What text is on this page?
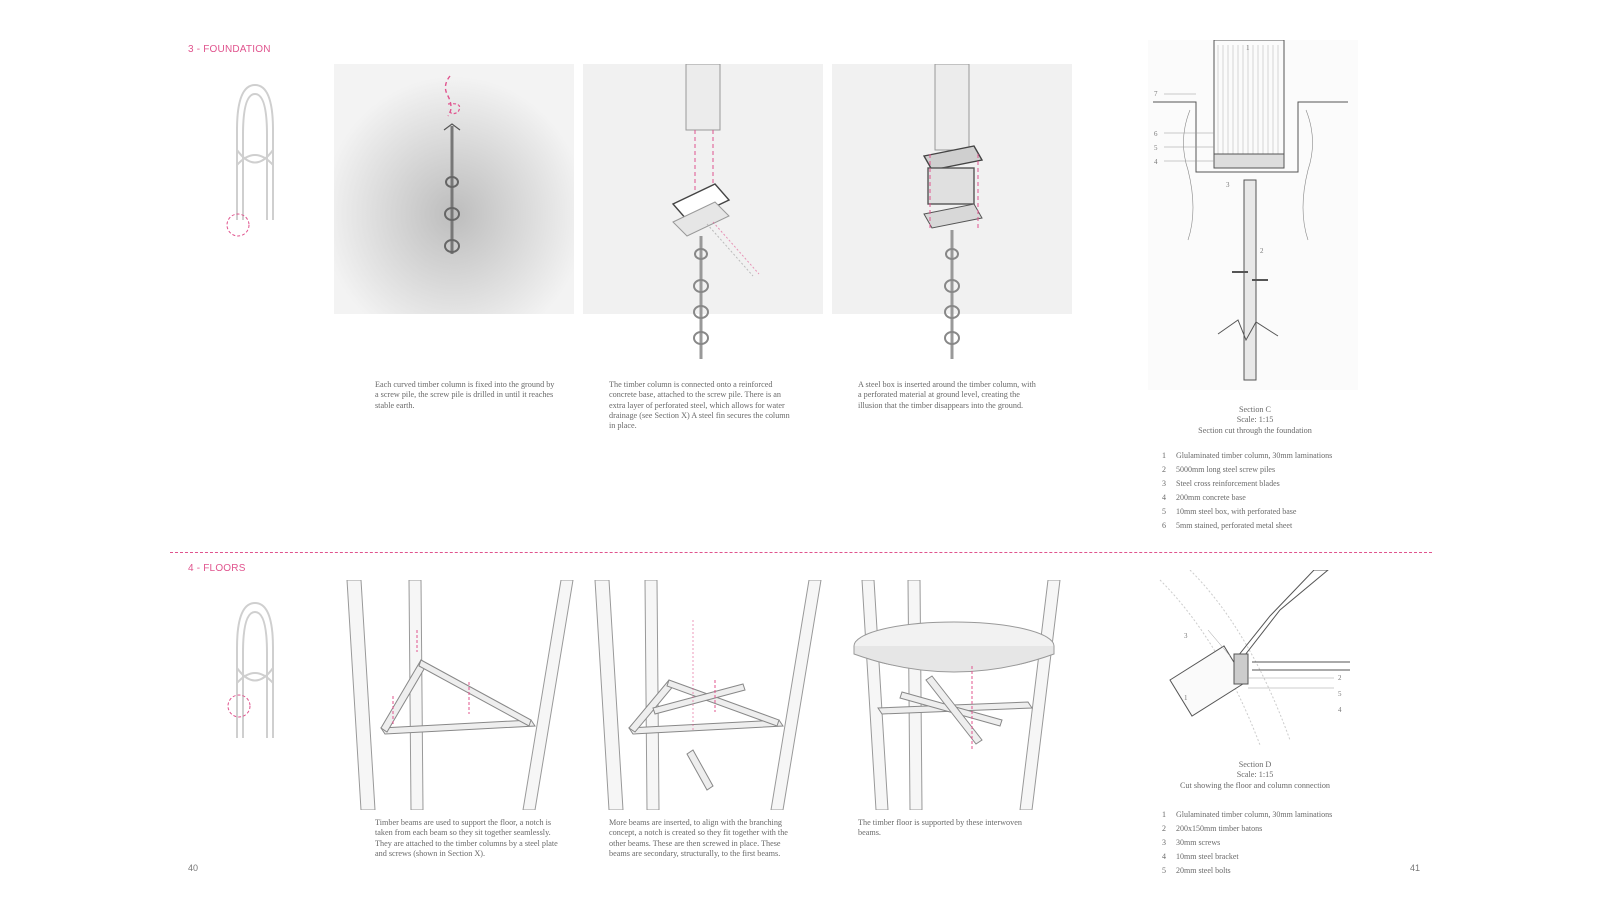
3 - FOUNDATION
Each curved timber column is fixed into the ground by a screw pile, the screw pile is drilled in until it reaches stable earth.
The timber column is connected onto a reinforced concrete base, attached to the screw pile. There is an extra layer of perforated steel, which allows for water drainage (see Section X) A steel fin secures the column in place.
A steel box is inserted around the timber column, with a perforated material at ground level, creating the illusion that the timber disappears into the ground.
1
2
3
4
5
6
7
Section C
Scale: 1:15
Section cut through the foundation
1	Glulaminated timber column, 30mm laminations
2	5000mm long steel screw piles
3	Steel cross reinforcement blades
4	200mm concrete base
5	10mm steel box, with perforated base
6	5mm stained, perforated metal sheet
4 - FLOORS
Timber beams are used to support the floor, a notch is taken from each beam so they sit together seamlessly. They are attached to the timber columns by a steel plate and screws (shown in Section X).
More beams are inserted, to align with the branching concept, a notch is created so they fit together with the other beams. These are then screwed in place. These beams are secondary, structurally, to the first beams.
The timber floor is supported by these interwoven beams.
1
2
3
4
5
Section D
Scale: 1:15
Cut showing the floor and column connection
1	Glulaminated timber column, 30mm laminations
2	200x150mm timber batons
3	30mm screws
4	10mm steel bracket
5	20mm steel bolts
40	41
